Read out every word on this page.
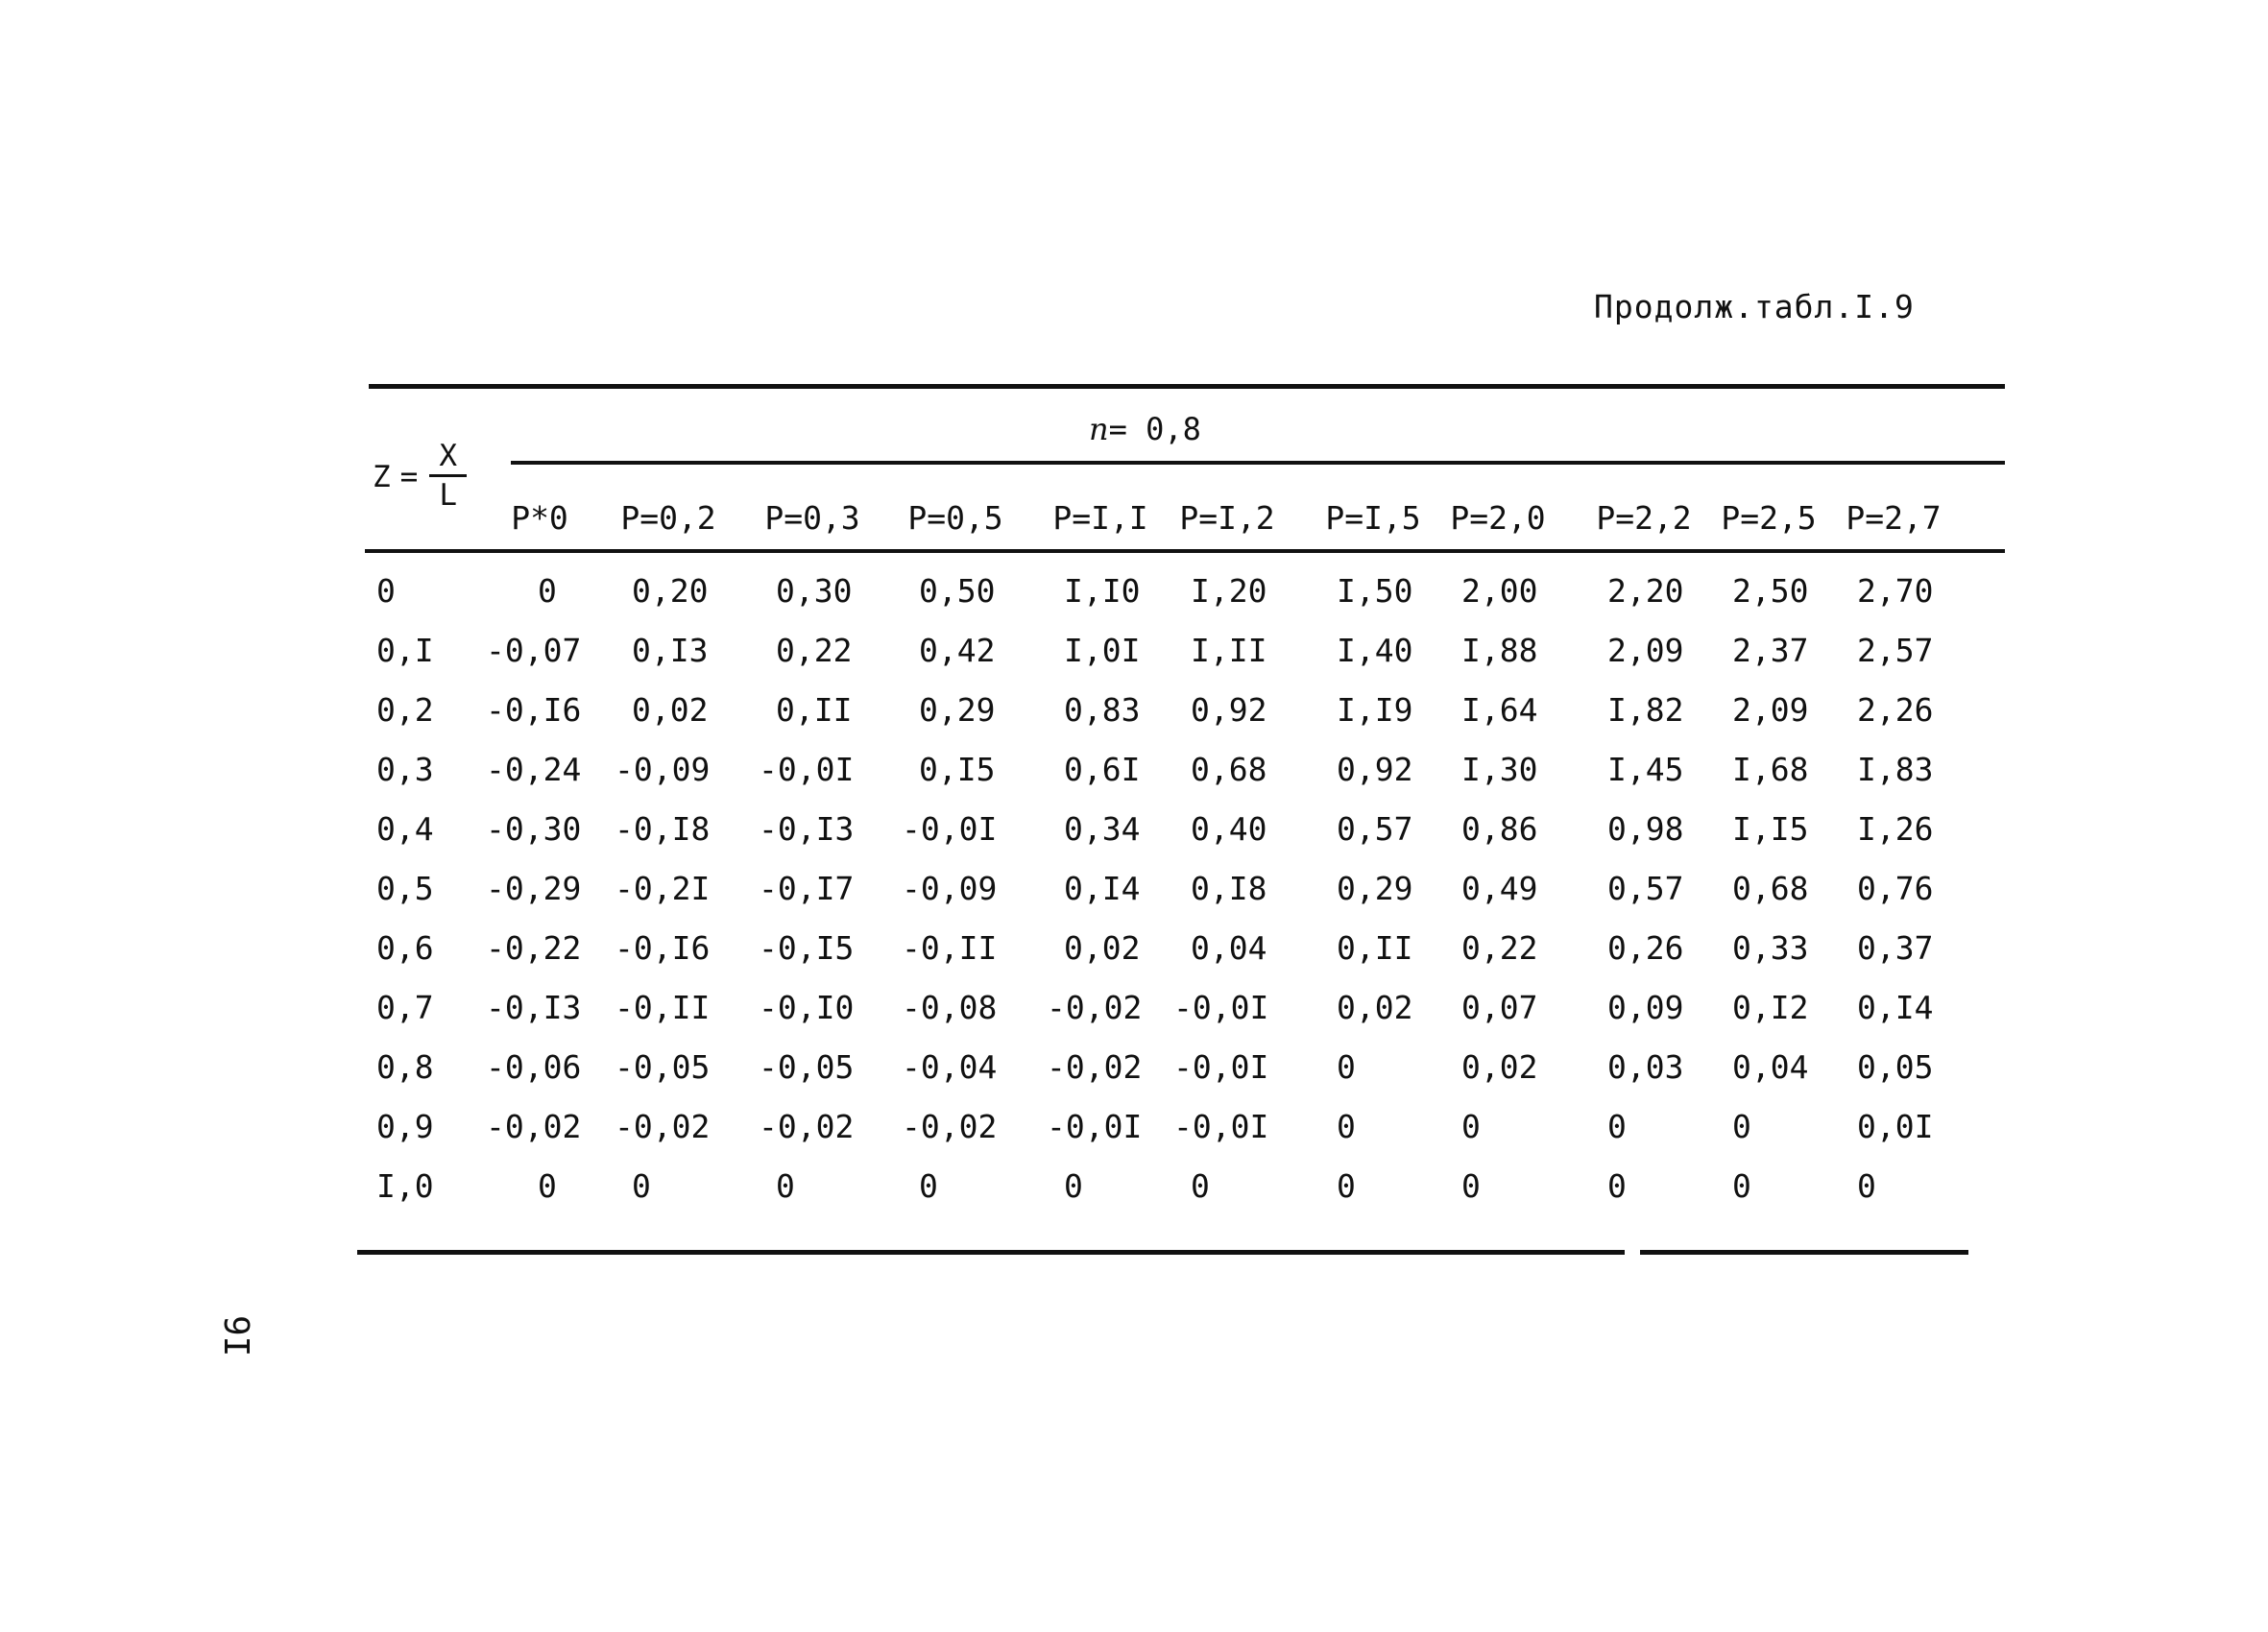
Продолж.табл.I.9
$Z = \frac{X}{L}$
n= 0,8
9I
P*0 P=0,2 P=0,3 P=0,5 P=I,I P=I,2 P=I,5 P=2,0 P=2,2 P=2,5 P=2,7
0	0 0,20 0,30 0,50 I,I0 I,20 I,50 2,00 2,20 2,50 2,70
0,I -0,07 0,I3 0,22 0,42 I,0I I,II I,40 I,88 2,09 2,37 2,57
0,2 -0,I6 0,02 0,II 0,29 0,83 0,92 I,I9 I,64 I,82 2,09 2,26
0,3 -0,24 -0,09 -0,0I 0,I5 0,6I 0,68 0,92 I,30 I,45 I,68 I,83
0,4 -0,30 -0,I8 -0,I3 -0,0I 0,34 0,40 0,57 0,86 0,98 I,I5 I,26
0,5 -0,29 -0,2I -0,I7 -0,09 0,I4 0,I8 0,29 0,49 0,57 0,68 0,76
0,6 -0,22 -0,I6 -0,I5 -0,II 0,02 0,04 0,II 0,22 0,26 0,33 0,37
0,7 -0,I3 -0,II -0,I0 -0,08 -0,02 -0,0I 0,02 0,07 0,09 0,I2 0,I4
0,8 -0,06 -0,05 -0,05 -0,04 -0,02 -0,0I 0	0,02 0,03 0,04 0,05
0,9 -0,02 -0,02 -0,02 -0,02 -0,0I -0,0I 0	0	0	0	0,0I
I,0	0 0	0	0	0	0	0	0	0	0	0
